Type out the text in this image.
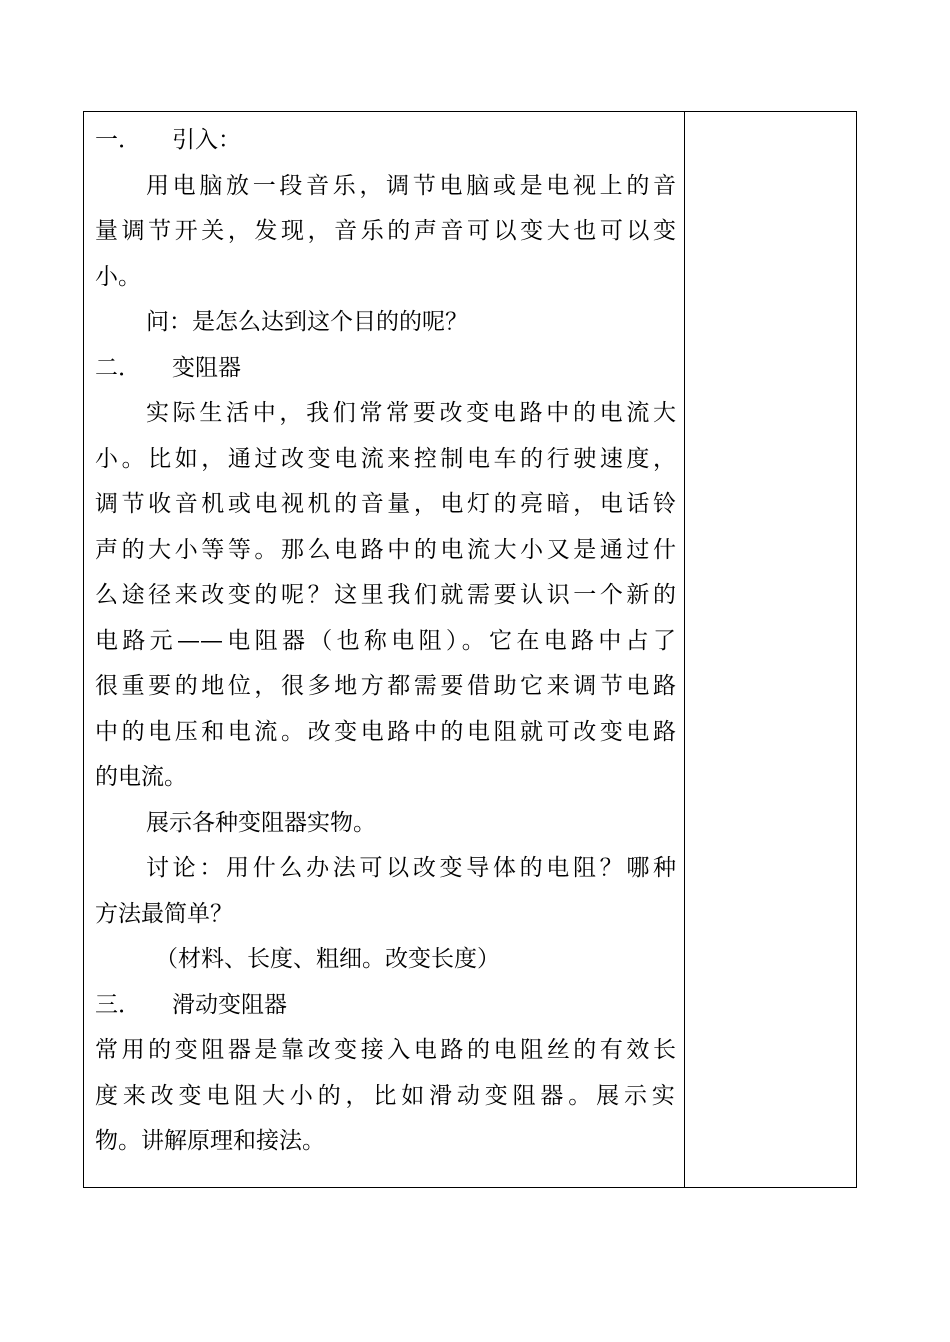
一． 引入：
用电脑放一段音乐，调节电脑或是电视上的音
量调节开关，发现，音乐的声音可以变大也可以变
小。
问：是怎么达到这个目的的呢？
二． 变阻器
实际生活中，我们常常要改变电路中的电流大
小。比如，通过改变电流来控制电车的行驶速度，
调节收音机或电视机的音量，电灯的亮暗，电话铃
声的大小等等。那么电路中的电流大小又是通过什
么途径来改变的呢？这里我们就需要认识一个新的
电路元——电阻器（也称电阻）。它在电路中占了
很重要的地位，很多地方都需要借助它来调节电路
中的电压和电流。改变电路中的电阻就可改变电路
的电流。
展示各种变阻器实物。
讨论：用什么办法可以改变导体的电阻？哪种
方法最简单？
（材料、长度、粗细。改变长度）
三． 滑动变阻器
常用的变阻器是靠改变接入电路的电阻丝的有效长
度来改变电阻大小的，比如滑动变阻器。展示实
物。讲解原理和接法。
